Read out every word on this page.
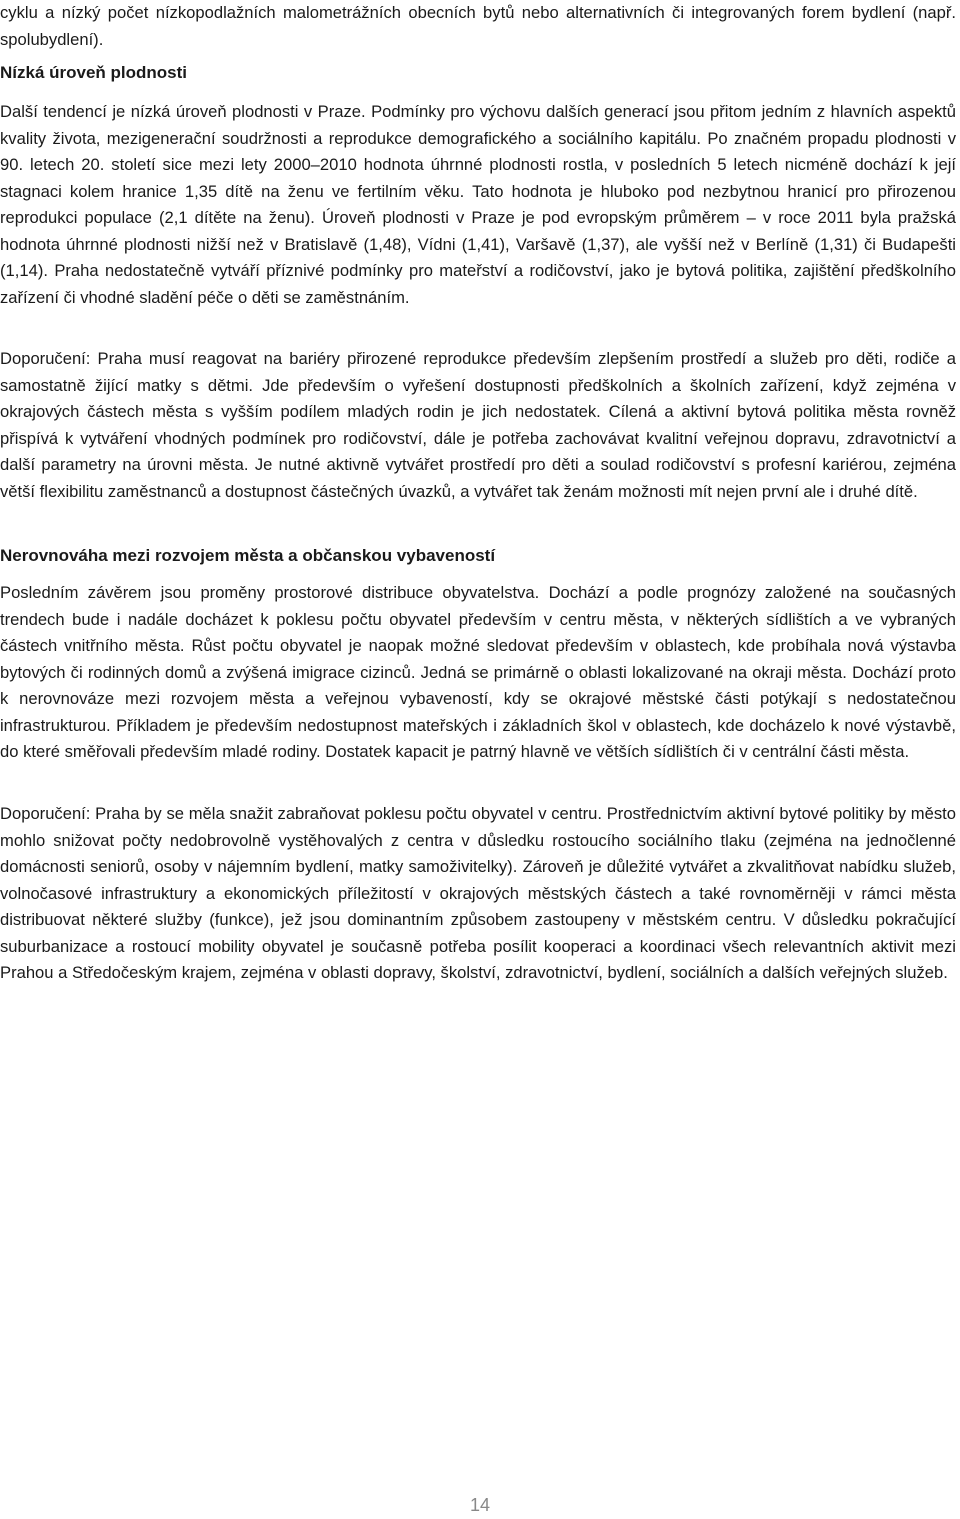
cyklu a nízký počet nízkopodlažních malometrážních obecních bytů nebo alternativních či integrovaných forem bydlení (např. spolubydlení).

Nízká úroveň plodnosti

Další tendencí je nízká úroveň plodnosti v Praze. Podmínky pro výchovu dalších generací jsou přitom jedním z hlavních aspektů kvality života, mezigenerační soudržnosti a reprodukce demografického a sociálního kapitálu. Po značném propadu plodnosti v 90. letech 20. století sice mezi lety 2000–2010 hodnota úhrnné plodnosti rostla, v posledních 5 letech nicméně dochází k její stagnaci kolem hranice 1,35 dítě na ženu ve fertilním věku. Tato hodnota je hluboko pod nezbytnou hranicí pro přirozenou reprodukci populace (2,1 dítěte na ženu). Úroveň plodnosti v Praze je pod evropským průměrem – v roce 2011 byla pražská hodnota úhrnné plodnosti nižší než v Bratislavě (1,48), Vídni (1,41), Varšavě (1,37), ale vyšší než v Berlíně (1,31) či Budapešti (1,14). Praha nedostatečně vytváří příznivé podmínky pro mateřství a rodičovství, jako je bytová politika, zajištění předškolního zařízení či vhodné sladění péče o děti se zaměstnáním.

Doporučení: Praha musí reagovat na bariéry přirozené reprodukce především zlepšením prostředí a služeb pro děti, rodiče a samostatně žijící matky s dětmi. Jde především o vyřešení dostupnosti předškolních a školních zařízení, když zejména v okrajových částech města s vyšším podílem mladých rodin je jich nedostatek. Cílená a aktivní bytová politika města rovněž přispívá k vytváření vhodných podmínek pro rodičovství, dále je potřeba zachovávat kvalitní veřejnou dopravu, zdravotnictví a další parametry na úrovni města. Je nutné aktivně vytvářet prostředí pro děti a soulad rodičovství s profesní kariérou, zejména větší flexibilitu zaměstnanců a dostupnost částečných úvazků, a vytvářet tak ženám možnosti mít nejen první ale i druhé dítě.

Nerovnováha mezi rozvojem města a občanskou vybaveností

Posledním závěrem jsou proměny prostorové distribuce obyvatelstva. Dochází a podle prognózy založené na současných trendech bude i nadále docházet k poklesu počtu obyvatel především v centru města, v některých sídlištích a ve vybraných částech vnitřního města. Růst počtu obyvatel je naopak možné sledovat především v oblastech, kde probíhala nová výstavba bytových či rodinných domů a zvýšená imigrace cizinců. Jedná se primárně o oblasti lokalizované na okraji města. Dochází proto k nerovnováze mezi rozvojem města a veřejnou vybaveností, kdy se okrajové městské části potýkají s nedostatečnou infrastrukturou. Příkladem je především nedostupnost mateřských i základních škol v oblastech, kde docházelo k nové výstavbě, do které směřovali především mladé rodiny. Dostatek kapacit je patrný hlavně ve větších sídlištích či v centrální části města.

Doporučení: Praha by se měla snažit zabraňovat poklesu počtu obyvatel v centru. Prostřednictvím aktivní bytové politiky by město mohlo snižovat počty nedobrovolně vystěhovalých z centra v důsledku rostoucího sociálního tlaku (zejména na jednočlenné domácnosti seniorů, osoby v nájemním bydlení, matky samoživitelky). Zároveň je důležité vytvářet a zkvalitňovat nabídku služeb, volnočasové infrastruktury a ekonomických příležitostí v okrajových městských částech a také rovnoměrněji v rámci města distribuovat některé služby (funkce), jež jsou dominantním způsobem zastoupeny v městském centru. V důsledku pokračující suburbanizace a rostoucí mobility obyvatel je současně potřeba posílit kooperaci a koordinaci všech relevantních aktivit mezi Prahou a Středočeským krajem, zejména v oblasti dopravy, školství, zdravotnictví, bydlení, sociálních a dalších veřejných služeb.

14
